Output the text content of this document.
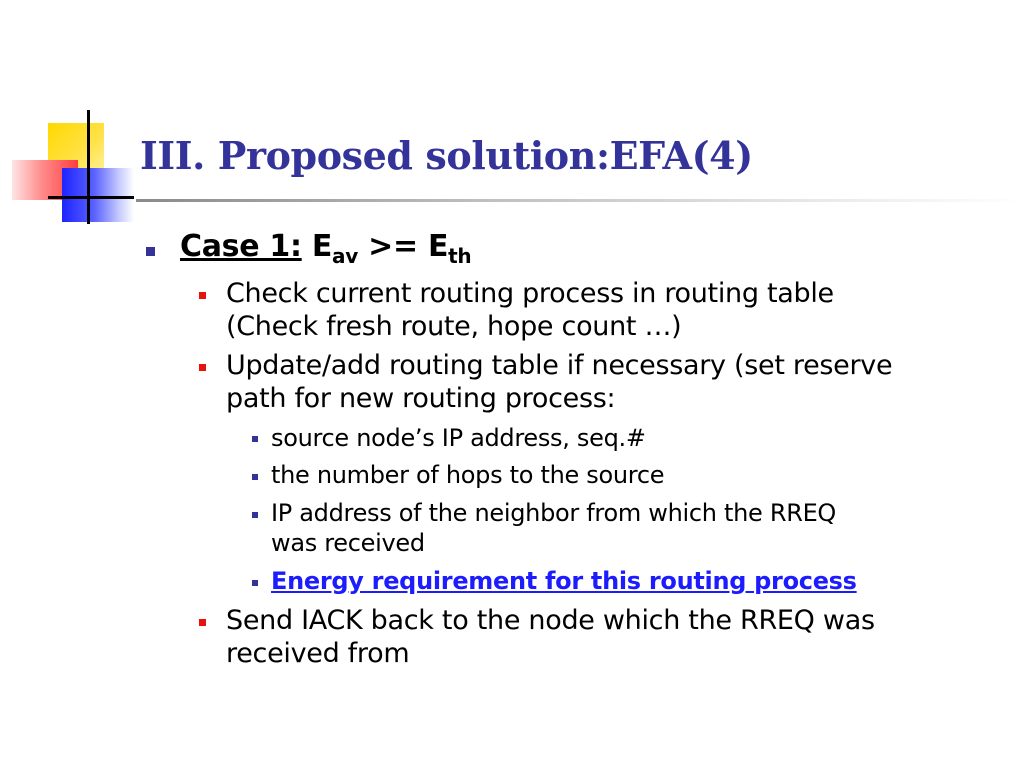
III. Proposed solution:EFA(4)
Case 1: $E_{av} >= E_{th}$
Check current routing process in routing table
(Check fresh route, hope count …)
Update/add routing table if necessary (set reserve
path for new routing process:
source node’s IP address, seq.#
the number of hops to the source
IP address of the neighbor from which the RREQ
was received
Energy requirement for this routing process
Send IACK back to the node which the RREQ was
received from
